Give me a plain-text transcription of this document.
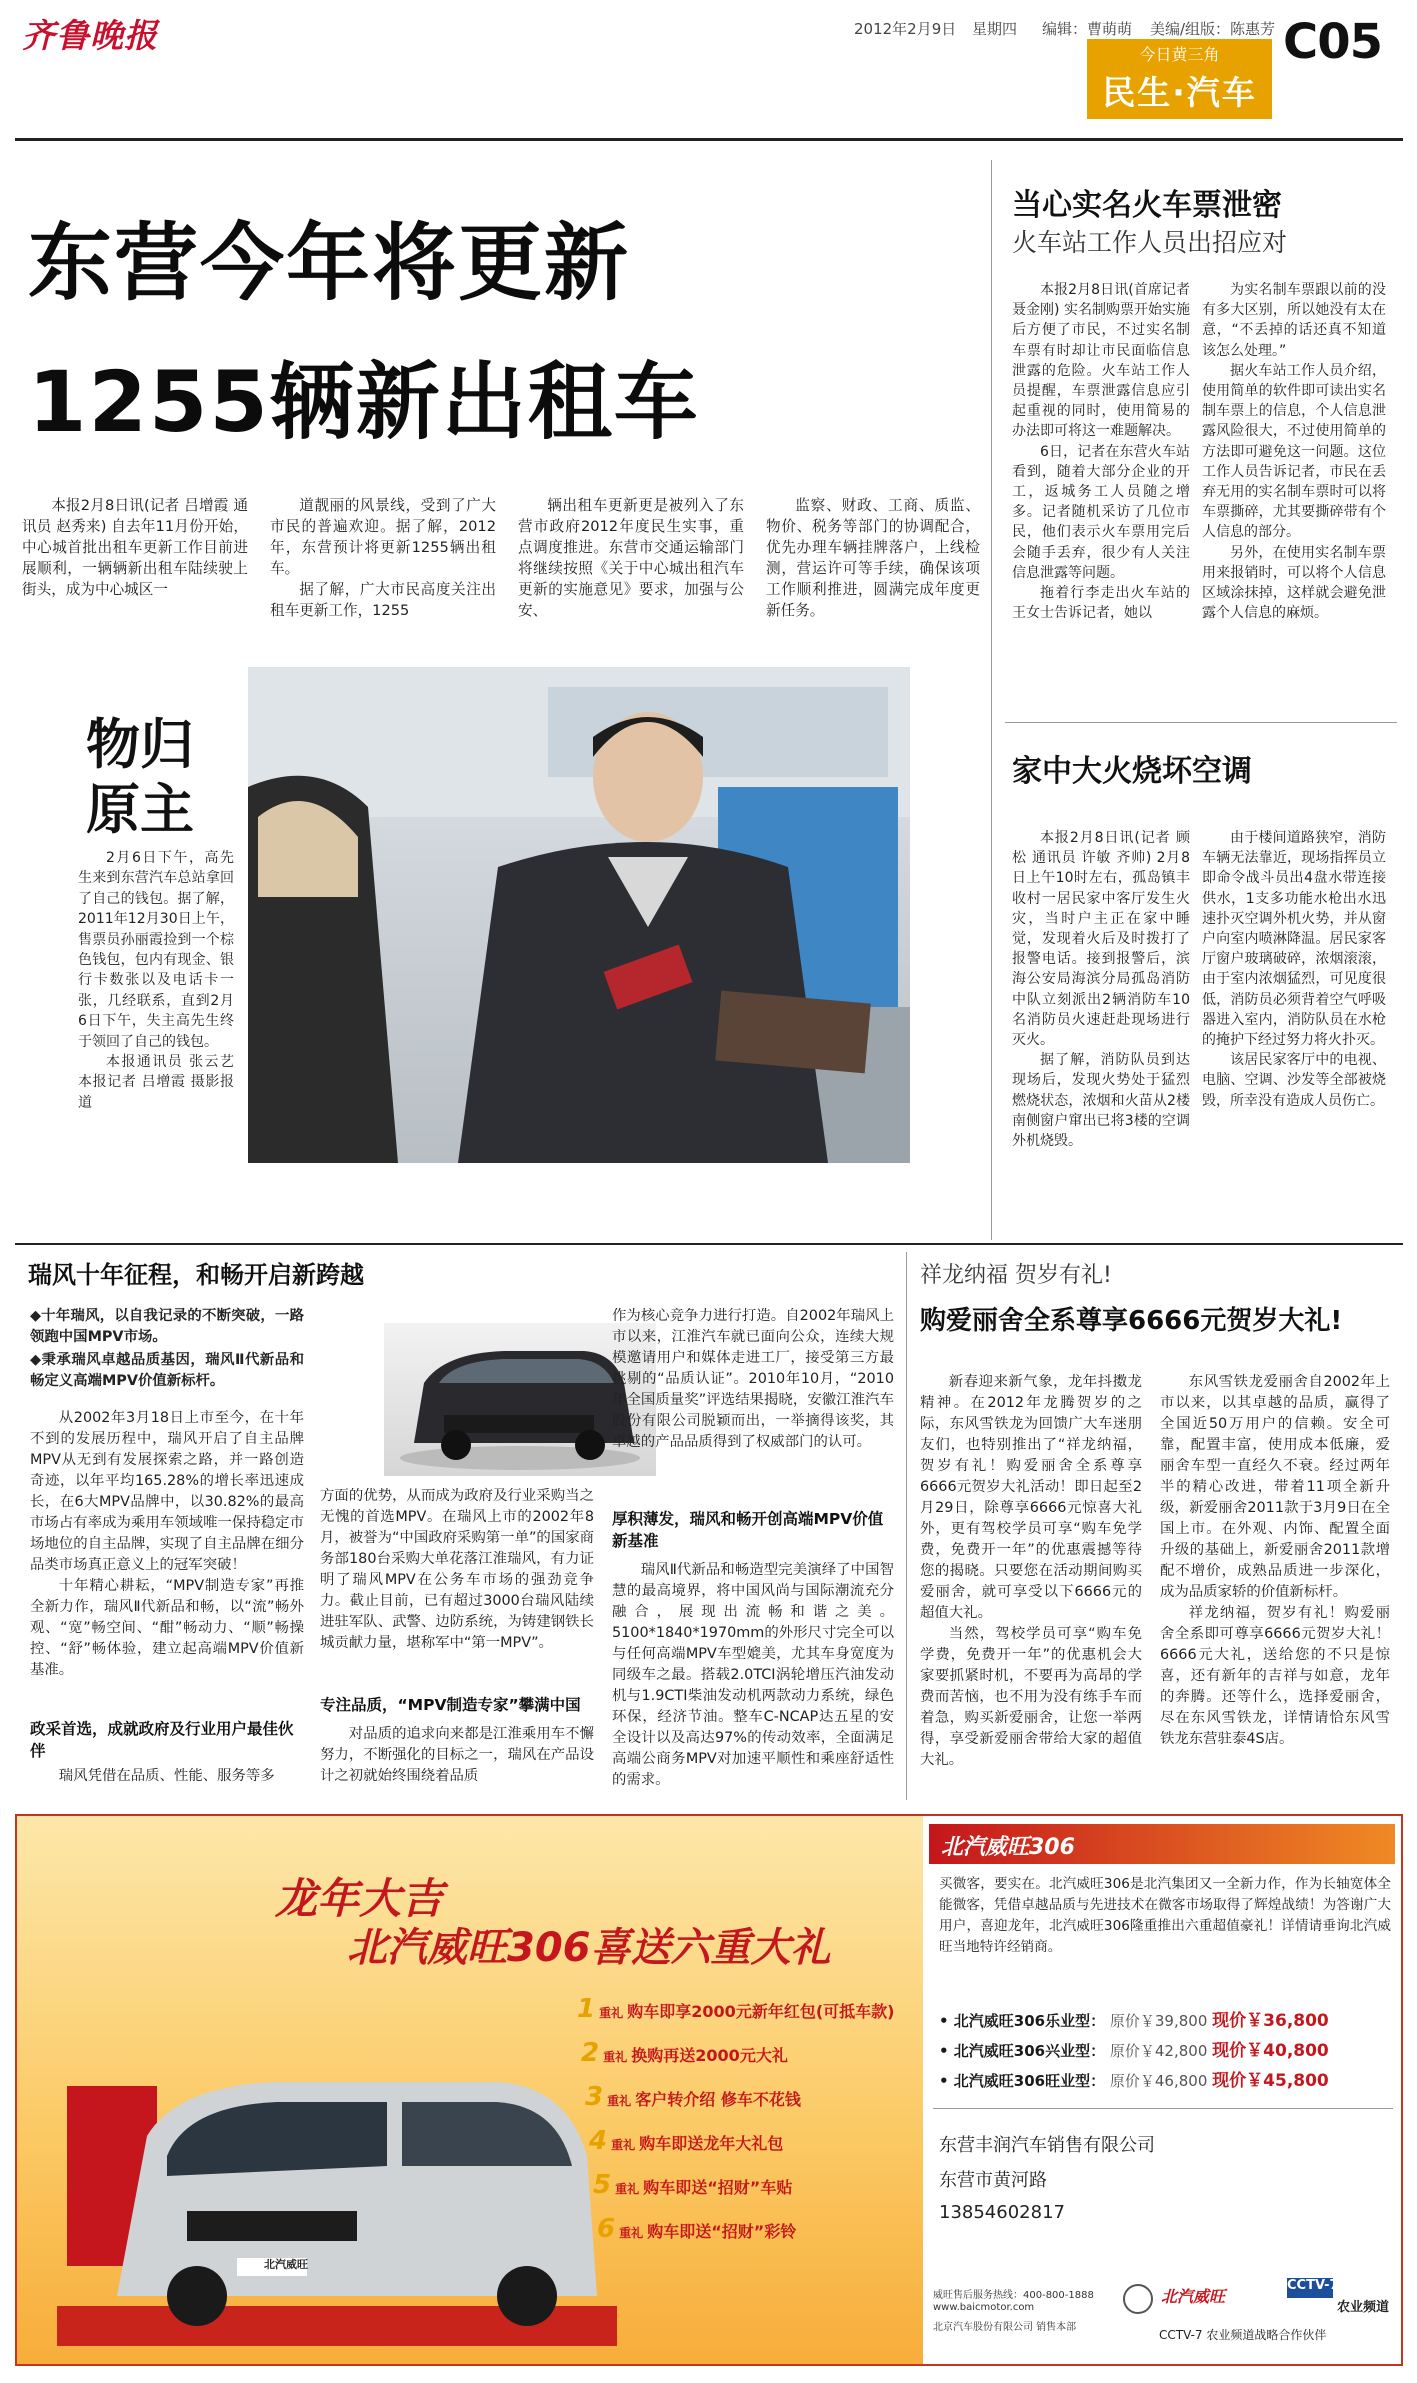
齐鲁晚报	2012年2月9日 星期四 编辑：曹萌萌 美编/组版：陈惠芳
今日黄三角
民生·汽车
C05
东营今年将更新
1255辆新出租车
本报2月8日讯(记者 吕增霞 通讯员 赵秀来) 自去年11月份开始，中心城首批出租车更新工作目前进展顺利，一辆辆新出租车陆续驶上街头，成为中心城区一

道靓丽的风景线，受到了广大市民的普遍欢迎。据了解，2012年，东营预计将更新1255辆出租车。

据了解，广大市民高度关注出租车更新工作，1255

辆出租车更新更是被列入了东营市政府2012年度民生实事，重点调度推进。东营市交通运输部门将继续按照《关于中心城出租汽车更新的实施意见》要求，加强与公安、
监察、财政、工商、质监、物价、税务等部门的协调配合，优先办理车辆挂牌落户，上线检测，营运许可等手续，确保该项工作顺利推进，圆满完成年度更新任务。
物归
原主

2月6日下午，高先生来到东营汽车总站拿回了自己的钱包。据了解，2011年12月30日上午，售票员孙丽霞捡到一个棕色钱包，包内有现金、银行卡数张以及电话卡一张，几经联系，直到2月6日下午，失主高先生终于领回了自己的钱包。

本报通讯员 张云艺 本报记者 吕增霞 摄影报道

当心实名火车票泄密
火车站工作人员出招应对

本报2月8日讯(首席记者 聂金刚) 实名制购票开始实施后方便了市民，不过实名制车票有时却让市民面临信息泄露的危险。火车站工作人员提醒，车票泄露信息应引起重视的同时，使用简易的办法即可将这一难题解决。

6日，记者在东营火车站看到，随着大部分企业的开工，返城务工人员随之增多。记者随机采访了几位市民，他们表示火车票用完后会随手丢弃，很少有人关注信息泄露等问题。

拖着行李走出火车站的王女士告诉记者，她以

为实名制车票跟以前的没有多大区别，所以她没有太在意，“不丢掉的话还真不知道该怎么处理。”

据火车站工作人员介绍，使用简单的软件即可读出实名制车票上的信息，个人信息泄露风险很大，不过使用简单的方法即可避免这一问题。这位工作人员告诉记者，市民在丢弃无用的实名制车票时可以将车票撕碎，尤其要撕碎带有个人信息的部分。

另外，在使用实名制车票用来报销时，可以将个人信息区域涂抹掉，这样就会避免泄露个人信息的麻烦。

家中大火烧坏空调

本报2月8日讯(记者 顾松 通讯员 许敏 齐帅) 2月8日上午10时左右，孤岛镇丰收村一居民家中客厅发生火灾，当时户主正在家中睡觉，发现着火后及时拨打了报警电话。接到报警后，滨海公安局海滨分局孤岛消防中队立刻派出2辆消防车10名消防员火速赶赴现场进行灭火。

据了解，消防队员到达现场后，发现火势处于猛烈燃烧状态，浓烟和火苗从2楼南侧窗户窜出已将3楼的空调外机烧毁。

由于楼间道路狭窄，消防车辆无法靠近，现场指挥员立即命令战斗员出4盘水带连接供水，1支多功能水枪出水迅速扑灭空调外机火势，并从窗户向室内喷淋降温。居民家客厅窗户玻璃破碎，浓烟滚滚，由于室内浓烟猛烈，可见度很低，消防员必须背着空气呼吸器进入室内，消防队员在水枪的掩护下经过努力将火扑灭。

该居民家客厅中的电视、电脑、空调、沙发等全部被烧毁，所幸没有造成人员伤亡。

瑞风十年征程，和畅开启新跨越
◆十年瑞风，以自我记录的不断突破，一路领跑中国MPV市场。
◆秉承瑞风卓越品质基因，瑞风Ⅱ代新品和畅定义高端MPV价值新标杆。

从2002年3月18日上市至今，在十年不到的发展历程中，瑞风开启了自主品牌MPV从无到有发展探索之路，并一路创造奇迹，以年平均165.28%的增长率迅速成长，在6大MPV品牌中，以30.82%的最高市场占有率成为乘用车领域唯一保持稳定市场地位的自主品牌，实现了自主品牌在细分品类市场真正意义上的冠军突破！

十年精心耕耘，“MPV制造专家”再推全新力作，瑞风Ⅱ代新品和畅，以“流”畅外观、“宽”畅空间、“酣”畅动力、“顺”畅操控、“舒”畅体验，建立起高端MPV价值新基准。

政采首选，成就政府及行业用户最佳伙伴
瑞风凭借在品质、性能、服务等多
方面的优势，从而成为政府及行业采购当之无愧的首选MPV。在瑞风上市的2002年8月，被誉为“中国政府采购第一单”的国家商务部180台采购大单花落江淮瑞风，有力证明了瑞风MPV在公务车市场的强劲竞争力。截止目前，已有超过3000台瑞风陆续进驻军队、武警、边防系统，为铸建钢铁长城贡献力量，堪称军中“第一MPV”。
专注品质，“MPV制造专家”攀满中国
对品质的追求向来都是江淮乘用车不懈努力，不断强化的目标之一，瑞风在产品设计之初就始终围绕着品质
作为核心竞争力进行打造。自2002年瑞风上市以来，江淮汽车就已面向公众，连续大规模邀请用户和媒体走进工厂，接受第三方最挑剔的“品质认证”。2010年10月，“2010年全国质量奖”评选结果揭晓，安徽江淮汽车股份有限公司脱颖而出，一举摘得该奖，其卓越的产品品质得到了权威部门的认可。
厚积薄发，瑞风和畅开创高端MPV价值新基准
瑞风Ⅱ代新品和畅造型完美演绎了中国智慧的最高境界，将中国风尚与国际潮流充分融合，展现出流畅和谐之美。5100*1840*1970mm的外形尺寸完全可以与任何高端MPV车型媲美，尤其车身宽度为同级车之最。搭载2.0TCI涡轮增压汽油发动机与1.9CTI柴油发动机两款动力系统，绿色环保，经济节油。整车C-NCAP达五星的安全设计以及高达97%的传动效率，全面满足高端公商务MPV对加速平顺性和乘座舒适性的需求。
祥龙纳福 贺岁有礼!
购爱丽舍全系尊享6666元贺岁大礼!

新春迎来新气象，龙年抖擞龙精神。在2012年龙腾贺岁的之际，东风雪铁龙为回馈广大车迷朋友们，也特别推出了“祥龙纳福，贺岁有礼！购爱丽舍全系尊享6666元贺岁大礼活动！即日起至2月29日，除尊享6666元惊喜大礼外，更有驾校学员可享“购车免学费，免费开一年”的优惠震撼等待您的揭晓。只要您在活动期间购买爱丽舍，就可享受以下6666元的超值大礼。

当然，驾校学员可享“购车免学费，免费开一年”的优惠机会大家要抓紧时机，不要再为高昂的学费而苦恼，也不用为没有练手车而着急，购买新爱丽舍，让您一举两得，享受新爱丽舍带给大家的超值大礼。

东风雪铁龙爱丽舍自2002年上市以来，以其卓越的品质，赢得了全国近50万用户的信赖。安全可靠，配置丰富，使用成本低廉，爱丽舍车型一直经久不衰。经过两年半的精心改进，带着11项全新升级，新爱丽舍2011款于3月9日在全国上市。在外观、内饰、配置全面升级的基础上，新爱丽舍2011款增配不增价，成熟品质进一步深化，成为品质家轿的价值新标杆。

祥龙纳福，贺岁有礼！购爱丽舍全系即可尊享6666元贺岁大礼！6666元大礼，送给您的不只是惊喜，还有新年的吉祥与如意，龙年的奔腾。还等什么，选择爱丽舍，尽在东风雪铁龙，详情请恰东风雪铁龙东营驻泰4S店。

龙年大吉
北汽威旺306喜送六重大礼
1 重礼 购车即享2000元新年红包(可抵车款)
2 重礼 换购再送2000元大礼
3 重礼 客户转介绍 修车不花钱
4 重礼 购车即送龙年大礼包
5 重礼 购车即送“招财”车贴
6 重礼 购车即送“招财”彩铃
北汽威旺
北汽威旺306
买微客，要实在。北汽威旺306是北汽集团又一全新力作，作为长轴宽体全能微客，凭借卓越品质与先进技术在微客市场取得了辉煌战绩！为答谢广大用户，喜迎龙年，北汽威旺306隆重推出六重超值豪礼！详情请垂询北汽威旺当地特许经销商。
• 北汽威旺306乐业型： 原价￥39,800 现价￥36,800
• 北汽威旺306兴业型： 原价￥42,800 现价￥40,800
• 北汽威旺306旺业型： 原价￥46,800 现价￥45,800
东营丰润汽车销售有限公司
东营市黄河路
13854602817
威旺售后服务热线：400-800-1888
www.baicmotor.com
北京汽车股份有限公司 销售本部
北汽威旺
CCTV-7
农业频道
CCTV-7 农业频道战略合作伙伴
